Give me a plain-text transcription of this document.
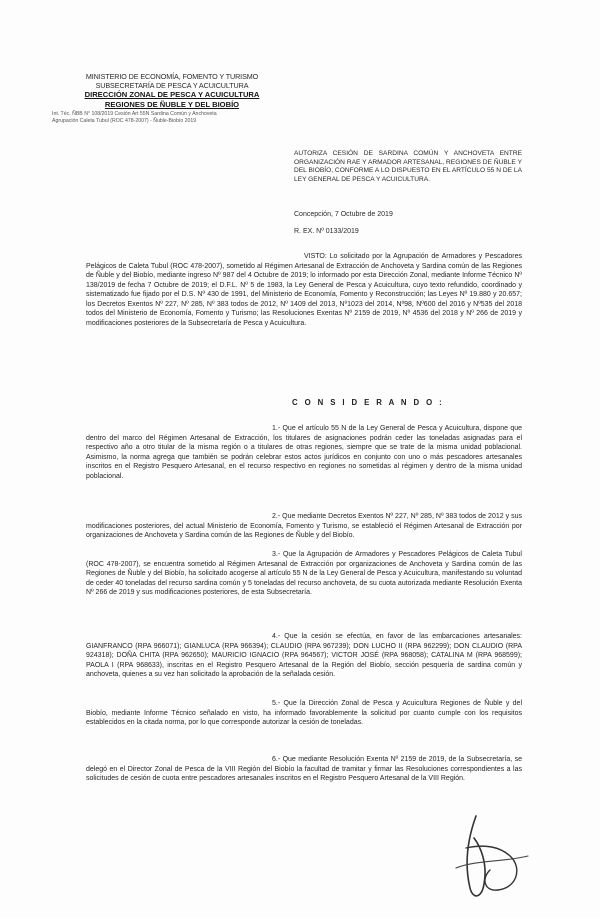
MINISTERIO DE ECONOMÍA, FOMENTO Y TURISMO
SUBSECRETARÍA DE PESCA Y ACUICULTURA
DIRECCIÓN ZONAL DE PESCA Y ACUICULTURA
REGIONES DE ÑUBLE Y DEL BIOBÍO
Int. Téc. ÑBB N° 108/2019 Cesión Art 55N Sardina Común y Anchoveta
Agrupación Caleta Tubul (ROC 478-2007) - Ñuble-Biobío 2019
AUTORIZA CESIÓN DE SARDINA COMÚN Y ANCHOVETA ENTRE ORGANIZACIÓN RAE Y ARMADOR ARTESANAL, REGIONES DE ÑUBLE Y DEL BIOBÍO, CONFORME A LO DISPUESTO EN EL ARTÍCULO 55 N DE LA LEY GENERAL DE PESCA Y ACUICULTURA.
Concepción, 7 Octubre de 2019
R. EX. Nº 0133/2019

VISTO: Lo solicitado por la Agrupación de Armadores y Pescadores Pelágicos de Caleta Tubul (ROC 478-2007), sometido al Régimen Artesanal de Extracción de Anchoveta y Sardina común de las Regiones de Ñuble y del Biobío, mediante ingreso Nº 987 del 4 Octubre de 2019; lo informado por esta Dirección Zonal, mediante Informe Técnico Nº 138/2019 de fecha 7 Octubre de 2019; el D.F.L. Nº 5 de 1983, la Ley General de Pesca y Acuicultura, cuyo texto refundido, coordinado y sistematizado fue fijado por el D.S. Nº 430 de 1991, del Ministerio de Economía, Fomento y Reconstrucción; las Leyes Nº 19.880 y 20.657; los Decretos Exentos Nº 227, Nº 285, Nº 383 todos de 2012, Nº 1409 del 2013, Nº1023 del 2014, Nº98, Nº600 del 2016 y Nº535 del 2018 todos del Ministerio de Economía, Fomento y Turismo; las Resoluciones Exentas Nº 2159 de 2019, Nº 4536 del 2018 y Nº 266 de 2019 y modificaciones posteriores de la Subsecretaría de Pesca y Acuicultura.

C O N S I D E R A N D O :

1.- Que el artículo 55 N de la Ley General de Pesca y Acuicultura, dispone que dentro del marco del Régimen Artesanal de Extracción, los titulares de asignaciones podrán ceder las toneladas asignadas para el respectivo año a otro titular de la misma región o a titulares de otras regiones, siempre que se trate de la misma unidad poblacional. Asimismo, la norma agrega que también se podrán celebrar estos actos jurídicos en conjunto con uno o más pescadores artesanales inscritos en el Registro Pesquero Artesanal, en el recurso respectivo en regiones no sometidas al régimen y dentro de la misma unidad poblacional.

2.- Que mediante Decretos Exentos Nº 227, Nº 285, Nº 383 todos de 2012 y sus modificaciones posteriores, del actual Ministerio de Economía, Fomento y Turismo, se estableció el Régimen Artesanal de Extracción por organizaciones de Anchoveta y Sardina común de las Regiones de Ñuble y del Biobío.

3.- Que la Agrupación de Armadores y Pescadores Pelágicos de Caleta Tubul (ROC 478-2007), se encuentra sometido al Régimen Artesanal de Extracción por organizaciones de Anchoveta y Sardina común de las Regiones de Ñuble y del Biobío, ha solicitado acogerse al artículo 55 N de la Ley General de Pesca y Acuicultura, manifestando su voluntad de ceder 40 toneladas del recurso sardina común y 5 toneladas del recurso anchoveta, de su cuota autorizada mediante Resolución Exenta Nº 266 de 2019 y sus modificaciones posteriores, de esta Subsecretaría.

4.- Que la cesión se efectúa, en favor de las embarcaciones artesanales: GIANFRANCO (RPA 966071); GIANLUCA (RPA 966394); CLAUDIO (RPA 967239); DON LUCHO II (RPA 962299); DON CLAUDIO (RPA 924318); DOÑA CHITA (RPA 962650); MAURICIO IGNACIO (RPA 964567); VICTOR JOSÉ (RPA 968058); CATALINA M (RPA 968599); PAOLA I (RPA 968633), inscritas en el Registro Pesquero Artesanal de la Región del Biobío, sección pesquería de sardina común y anchoveta, quienes a su vez han solicitado la aprobación de la señalada cesión.

5.- Que la Dirección Zonal de Pesca y Acuicultura Regiones de Ñuble y del Biobío, mediante Informe Técnico señalado en visto, ha informado favorablemente la solicitud por cuanto cumple con los requisitos establecidos en la citada norma, por lo que corresponde autorizar la cesión de toneladas.

6.- Que mediante Resolución Exenta Nº 2159 de 2019, de la Subsecretaría, se delegó en el Director Zonal de Pesca de la VIII Región del Biobío la facultad de tramitar y firmar las Resoluciones correspondientes a las solicitudes de cesión de cuota entre pescadores artesanales inscritos en el Registro Pesquero Artesanal de la VIII Región.
